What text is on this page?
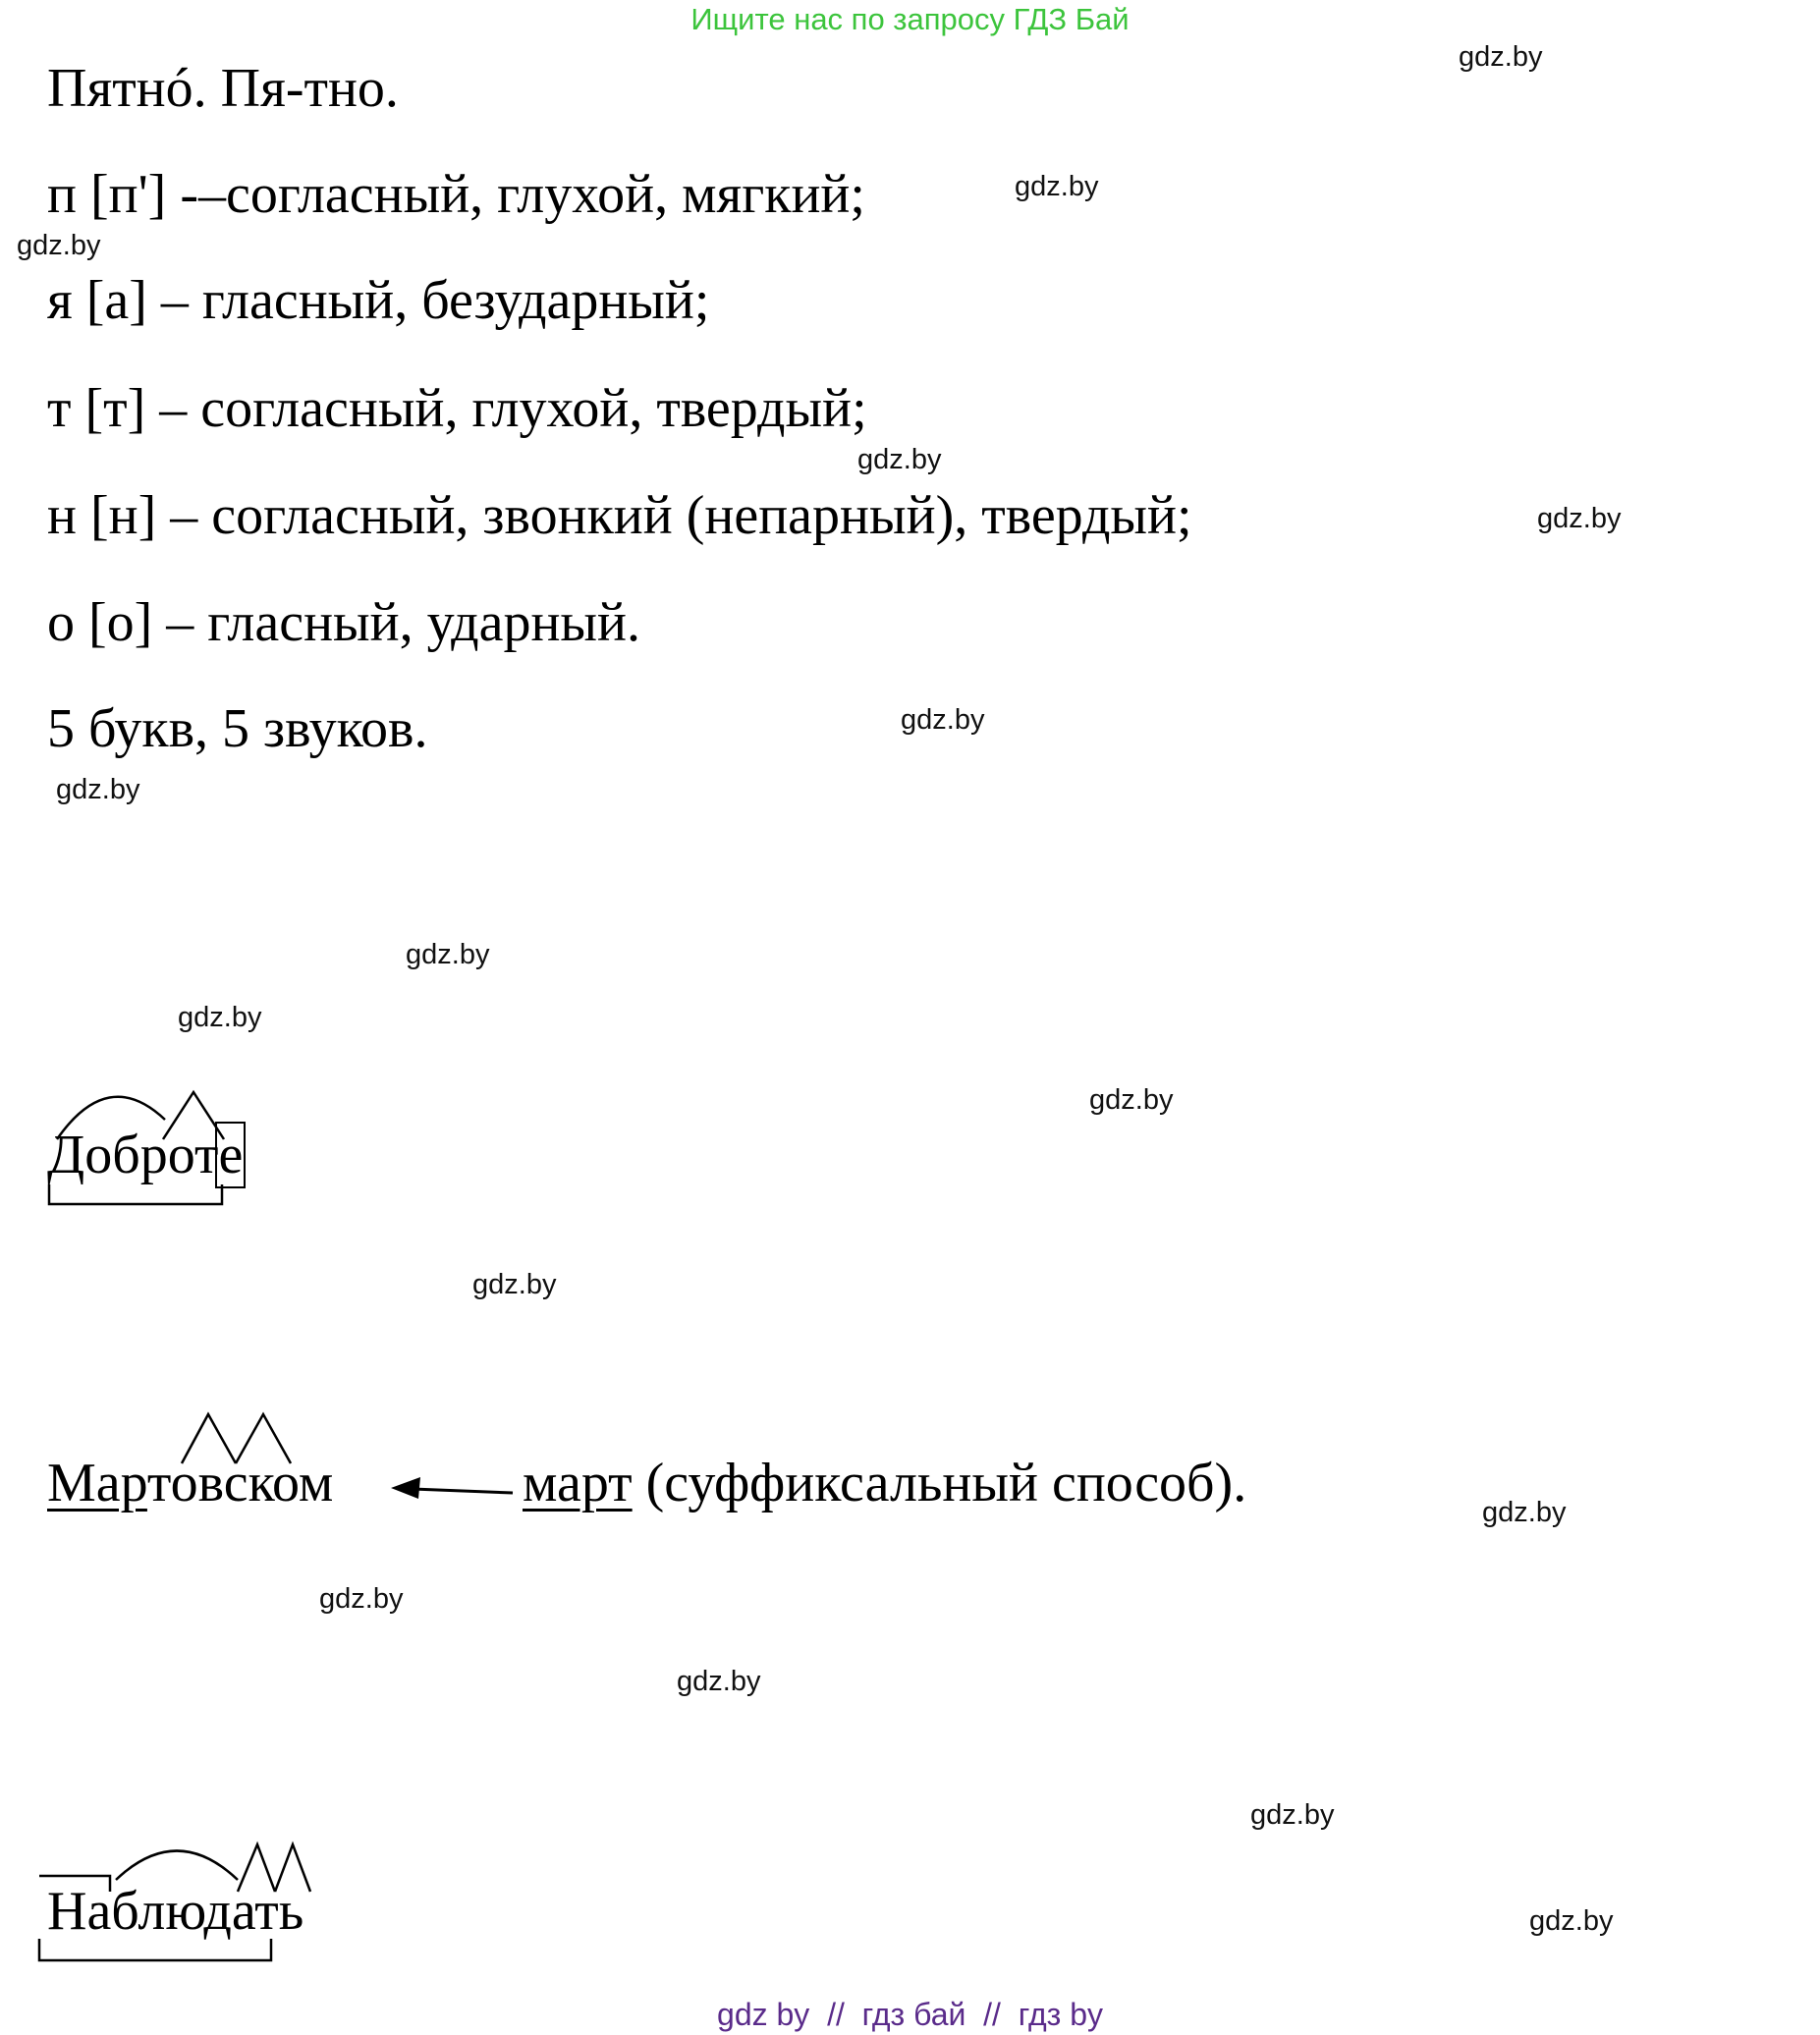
Ищите нас по запросу ГДЗ Бай
Пятнó. Пя-тно.
п [п'] -–согласный, глухой, мягкий;
я [а] – гласный, безударный;
т [т] – согласный, глухой, твердый;
н [н] – согласный, звонкий (непарный), твердый;
о [о] – гласный, ударный.
5 букв, 5 звуков.
Доброте
Мартовском	март (суффиксальный способ).
Наблюдать
gdz.by
gdz.by
gdz.by
gdz.by
gdz.by
gdz.by
gdz.by
gdz.by
gdz.by
gdz.by
gdz.by
gdz.by
gdz.by
gdz.by
gdz.by
gdz.by
gdz by  //  гдз бай  //  гдз by
